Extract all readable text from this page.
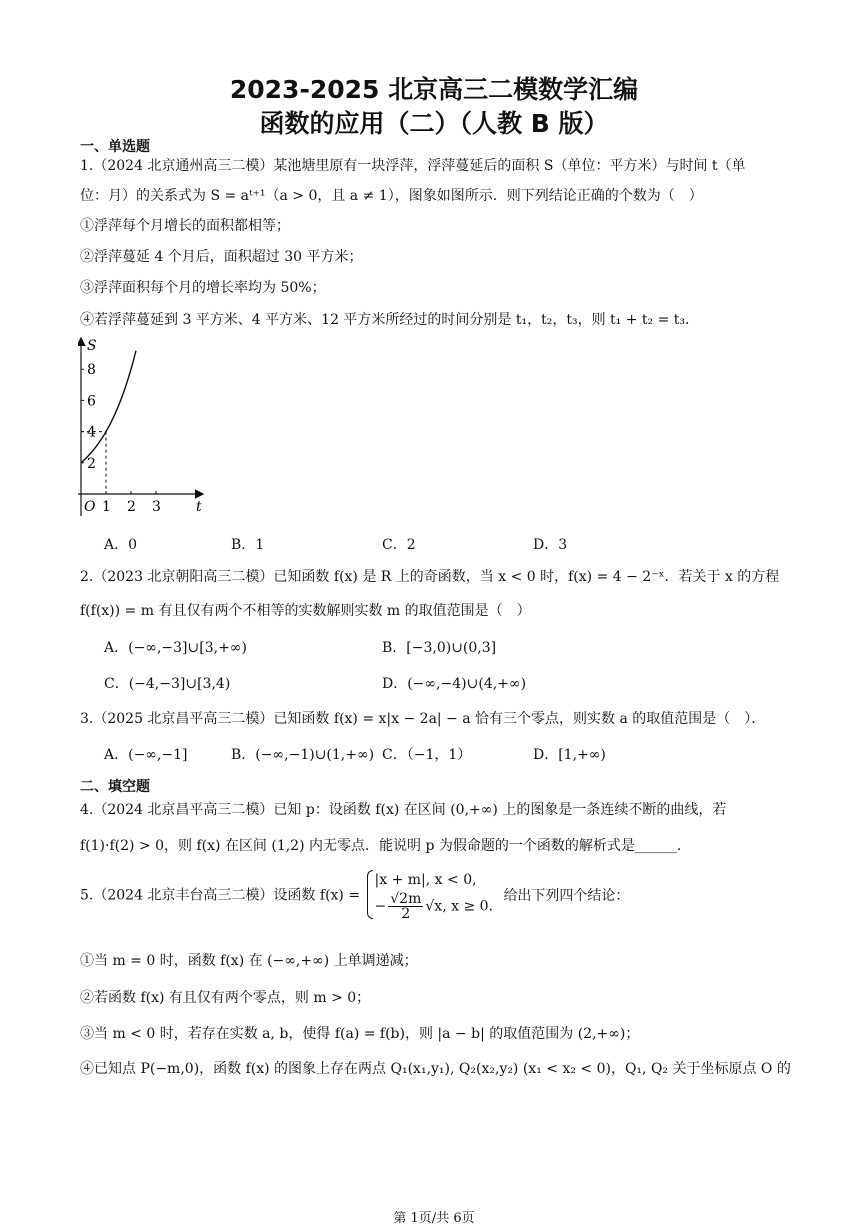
2023-2025 北京高三二模数学汇编
函数的应用（二）（人教 B 版）
一、单选题
1.（2024 北京通州高三二模）某池塘里原有一块浮萍，浮萍蔓延后的面积 S（单位：平方米）与时间 t（单
位：月）的关系式为 S = aᵗ⁺¹（a > 0，且 a ≠ 1），图象如图所示．则下列结论正确的个数为（　）
①浮萍每个月增长的面积都相等；
②浮萍蔓延 4 个月后，面积超过 30 平方米；
③浮萍面积每个月的增长率均为 50%；
④若浮萍蔓延到 3 平方米、4 平方米、12 平方米所经过的时间分别是 t₁，t₂，t₃，则 t₁ + t₂ = t₃．
S
t
O 1 2 3
2
4
6
8
A．0	B．1	C．2	D．3
2.（2023 北京朝阳高三二模）已知函数 f(x) 是 R 上的奇函数，当 x < 0 时，f(x) = 4 − 2⁻ˣ．若关于 x 的方程
f(f(x)) = m 有且仅有两个不相等的实数解则实数 m 的取值范围是（　）
A．(−∞,−3]∪[3,+∞)	B．[−3,0)∪(0,3]
C．(−4,−3]∪[3,4)	D．(−∞,−4)∪(4,+∞)
3.（2025 北京昌平高三二模）已知函数 f(x) = x|x − 2a| − a 恰有三个零点，则实数 a 的取值范围是（　）．
A．(−∞,−1]	B．(−∞,−1)∪(1,+∞) C．（−1，1）	D．[1,+∞)
二、填空题
4.（2024 北京昌平高三二模）已知 p：设函数 f(x) 在区间 (0,+∞) 上的图象是一条连续不断的曲线，若
f(1)·f(2) > 0，则 f(x) 在区间 (1,2) 内无零点．能说明 p 为假命题的一个函数的解析式是______．
5.（2024 北京丰台高三二模）设函数 f(x) =
|x + m|, x < 0,
− $\frac{√2m}{2} √x$, x ≥ 0.
给出下列四个结论：
①当 m = 0 时，函数 f(x) 在 (−∞,+∞) 上单调递减；
②若函数 f(x) 有且仅有两个零点，则 m > 0；
③当 m < 0 时，若存在实数 a, b，使得 f(a) = f(b)，则 |a − b| 的取值范围为 (2,+∞)；
④已知点 P(−m,0)，函数 f(x) 的图象上存在两点 Q₁(x₁,y₁), Q₂(x₂,y₂) (x₁ < x₂ < 0)，Q₁, Q₂ 关于坐标原点 O 的
第 1页/共 6页
